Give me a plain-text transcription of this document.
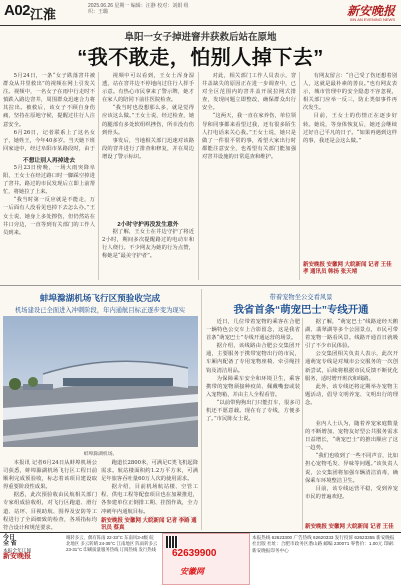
A02 江淮
2025.06.26 星期一 编辑：汪静 校对：刘娟 组织：王璐	新安晚报
XIN AN EVENING NEWS
阜阳一女子掉进窨井获救后站在原地
“我不敢走，怕别人掉下去”

5月24日，一条“女子跌落窨井被群众从井里救出”的视频在网上引发关注。视频中，一名女子在雨中行走时不慎跌入路边窨井，周围群众迅速合力将其拉出。被救后，该女子不顾自身伤痛，坚持在原地守候，提醒过往行人注意安全。

6月26日，记者联系上了这名女子，她姓王，今年40多岁。当天她下班回家途中，经过阜阳市某路段时，由于

不想让别人再掉进去

5月23日傍晚，一场大雨突降阜阳，王女士在经过路口时一脚踩空掉进了窨井。路过的市民发现后立即上前帮忙，将她拉了上来。

“我当时第一反应就是不能走，万一后面有人没看见也掉下去怎么办。”王女士说，她身上多处擦伤，但仍然站在井口旁边，一直等到有关部门的工作人员到来。

视频中可以看到，王女士浑身湿透，站在窨井边不停地向过往行人挥手示意。有热心市民拿来了警示牌，她才在家人的陪同下前往医院检查。

“我当时也没想那么多，就是觉得应该这么做。”王女士说，经过检查，她的腿部有多处软组织挫伤，所幸没有伤到骨头。

事发后，当地相关部门迅速对该路段的窨井进行了排查和修复，并在周边增设了警示标识。

2小时守护再没发生意外

据了解，王女士在井边守护了将近2小时，期间多次提醒路过的电动车和行人绕行。不少网友为她的行为点赞，称她是“最美守护者”。

对此，相关部门工作人员表示，窨井盖缺失的原因正在进一步调查中，已对全区范围内的窨井盖开展拉网式排查，发现问题立即整改，确保群众出行安全。

“这两天，我一直在家养伤，单位领导和同事都来看望过我，还有很多陌生人打电话来关心我。”王女士说，她只是做了一件很平常的事，希望大家出行时都能注意安全，也希望有关部门能加强对窨井设施的日常巡查和维护。

有网友留言：“自己受了伤还想着别人，这就是最朴素的善良。”也有网友表示，城市管理中的安全隐患不容忽视，相关部门应举一反三，防止类似事件再次发生。

目前，王女士的伤情正在逐步好转。她说，等身体恢复后，她还会继续过好自己平凡的日子。“如果再遇到这样的事，我还是会这么做。”

新安晚报 安徽网 大皖新闻 记者 王佳孝 通讯员 韩扬 张天靖
蚌埠滁湖机场飞行区预验收完成
机场建设已全面进入冲刺阶段，年内通航目标正逐步变为现实
蚌埠滁湖机场。

本报讯 记者6月24日从蚌埠机场公司获悉，蚌埠滁湖机场飞行区工程日前顺利完成预验收，标志着该项目建设取得重要阶段性成果。

据悉，此次预验收由民航相关部门专家组成验收组，对飞行区跑道、滑行道、站坪、目视助航、围界及安防等工程进行了全面细致的检查，各项指标均符合设计和规范要求。

跑道长2800米，可满足C类飞机起降需求。航站楼面积约1.2万平方米，可满足年旅客吞吐量60万人次的使用需求。

据介绍，目前机场航站楼、空管工程、供电工程等配套项目也在加紧推进，各参建单位正倒排工期、挂图作战，全力冲刺年内通航目标。

新安晚报 安徽网 大皖新闻 记者 李路 通讯员 蔡真
带着宠物坐公交看风景
我省首条“萌宠巴士”专线开通

近日，几位带着宠物的乘客在合肥一辆特色公交车上合影留念，这是我省首条“萌宠巴士”专线开通运营的场景。

据介绍，该线路由合肥公交集团开通，主要服务于携带宠物出行的市民，车厢内配备了专用宠物座椅、牵引绳挂钩及清洁用品。

为保障乘车安全和环境卫生，乘客携带的宠物须接种疫苗、佩戴嘴套或装入宠物箱，并由主人全程看管。

“以前带狗狗出门只能打车，很多司机还不愿意载。现在有了专线，方便多了。”市民陈女士说。

据了解，“萌宠巴士”线路途经天鹅湖、翡翠湖等多个公园景点，市民可带着宠物一路看风景。线路开通首日就吸引了不少市民体验。

公交集团相关负责人表示，此次开通萌宠专线是对城市公交服务的一次创新尝试，后续将根据市民反馈不断优化服务，适时增开班次和线路。

此外，该专线还将定期举办宠物主题活动，倡导文明养宠、文明出行的理念。

业内人士认为，随着养宠家庭数量的不断增加，宠物友好型公共服务需求日益增长，“萌宠巴士”的推出顺应了这一趋势。

“我们也收到了一些不同声音，比如担心宠物毛发、异味等问题。”该负责人说，公交集团将加强车辆清洁消毒，确保乘车环境整洁卫生。

目前，该专线运营平稳，受到养宠市民的普遍欢迎。

新安晚报 安徽网 大皖新闻 记者 王佳
今日
全 省
本报全年订阅
新安晚报
晴转多云，偶有阵雨 22-33°C 东南风3-4级 皖北地区 多云转晴 24-35°C 江南地区 阵雨转多云 23-31°C 印刷质量服务热线 订阅热线 发行热线 62639900
安徽网
本报热线 62623300 广告热线 62620333 发行投诉 62623355 新安晚报社出版 社址：合肥市政务区潜山路 邮编 230071 零售价：1.00元 印刷：新安晚报印务中心
